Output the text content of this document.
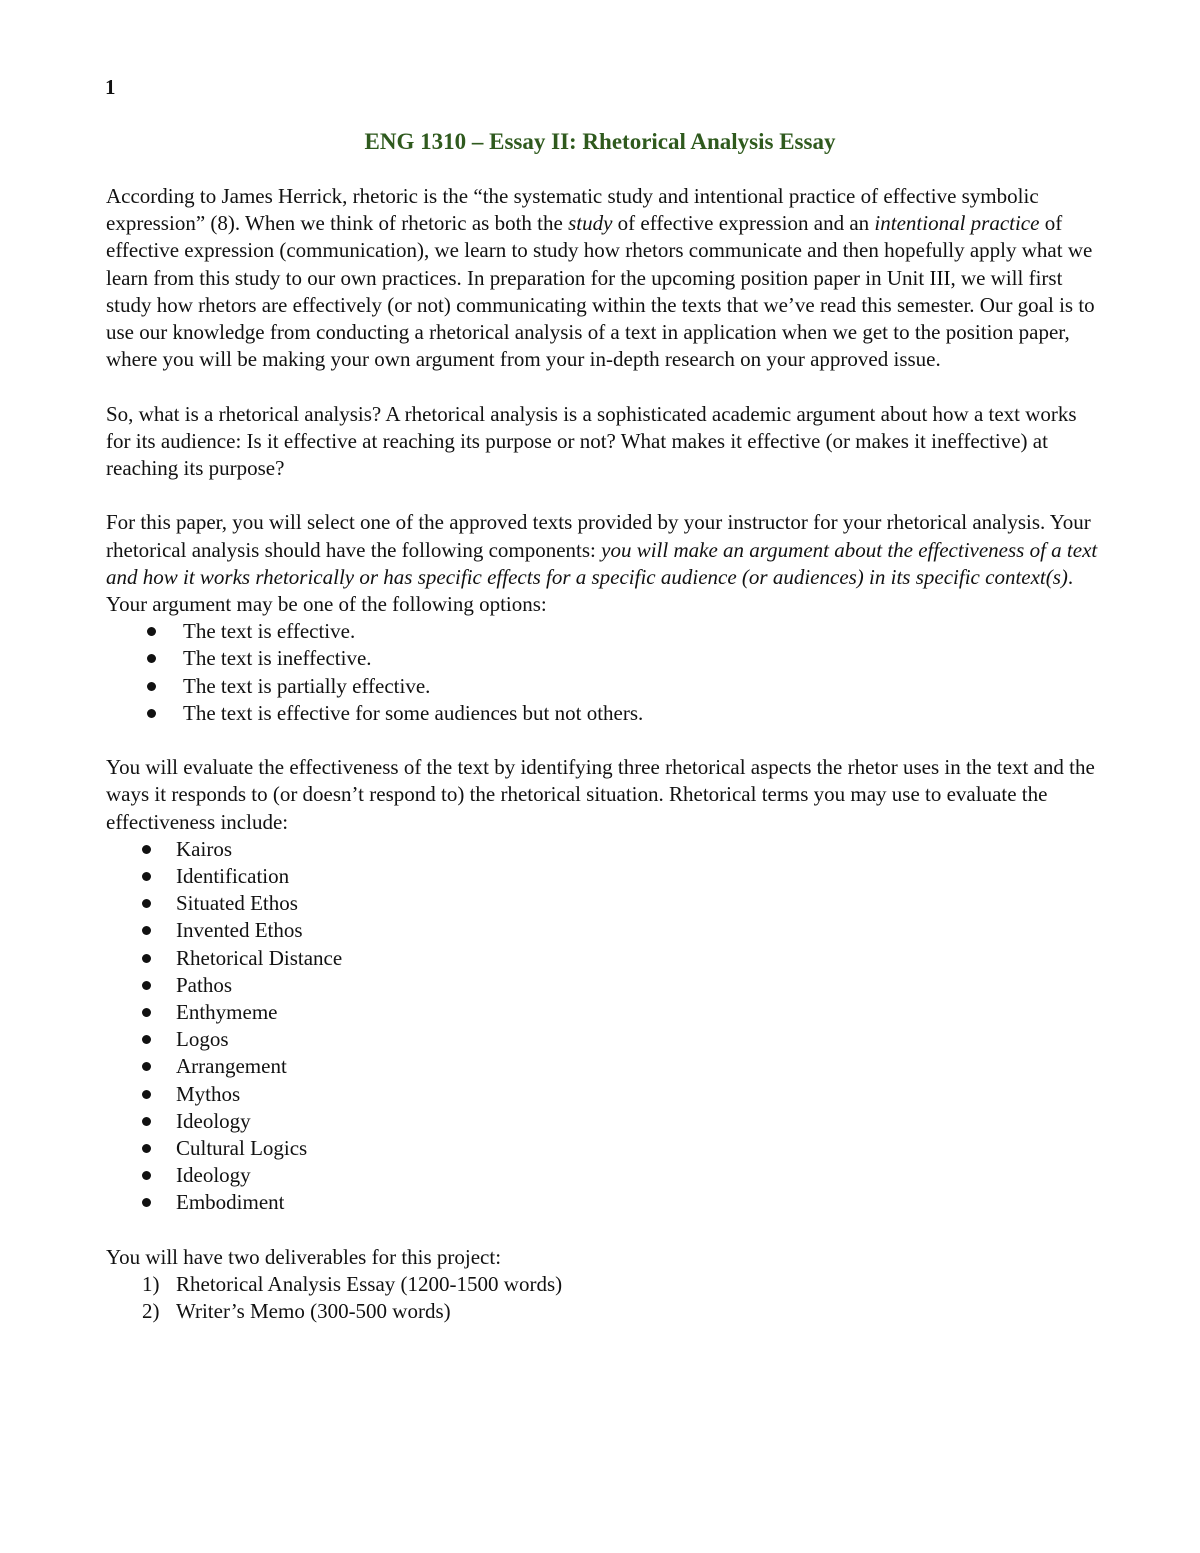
1
ENG 1310 – Essay II: Rhetorical Analysis Essay

According to James Herrick, rhetoric is the “the systematic study and intentional practice of effective symbolic expression” (8). When we think of rhetoric as both the study of effective expression and an intentional practice of effective expression (communication), we learn to study how rhetors communicate and then hopefully apply what we learn from this study to our own practices. In preparation for the upcoming position paper in Unit III, we will first study how rhetors are effectively (or not) communicating within the texts that we’ve read this semester. Our goal is to use our knowledge from conducting a rhetorical analysis of a text in application when we get to the position paper, where you will be making your own argument from your in-depth research on your approved issue.

So, what is a rhetorical analysis? A rhetorical analysis is a sophisticated academic argument about how a text works for its audience: Is it effective at reaching its purpose or not? What makes it effective (or makes it ineffective) at reaching its purpose?

For this paper, you will select one of the approved texts provided by your instructor for your rhetorical analysis. Your rhetorical analysis should have the following components: you will make an argument about the effectiveness of a text and how it works rhetorically or has specific effects for a specific audience (or audiences) in its specific context(s). Your argument may be one of the following options:

The text is effective.
The text is ineffective.
The text is partially effective.
The text is effective for some audiences but not others.

You will evaluate the effectiveness of the text by identifying three rhetorical aspects the rhetor uses in the text and the ways it responds to (or doesn’t respond to) the rhetorical situation. Rhetorical terms you may use to evaluate the effectiveness include:

Kairos
Identification
Situated Ethos
Invented Ethos
Rhetorical Distance
Pathos
Enthymeme
Logos
Arrangement
Mythos
Ideology
Cultural Logics
Ideology
Embodiment

You will have two deliverables for this project:

1) Rhetorical Analysis Essay (1200-1500 words)
2) Writer’s Memo (300-500 words)
